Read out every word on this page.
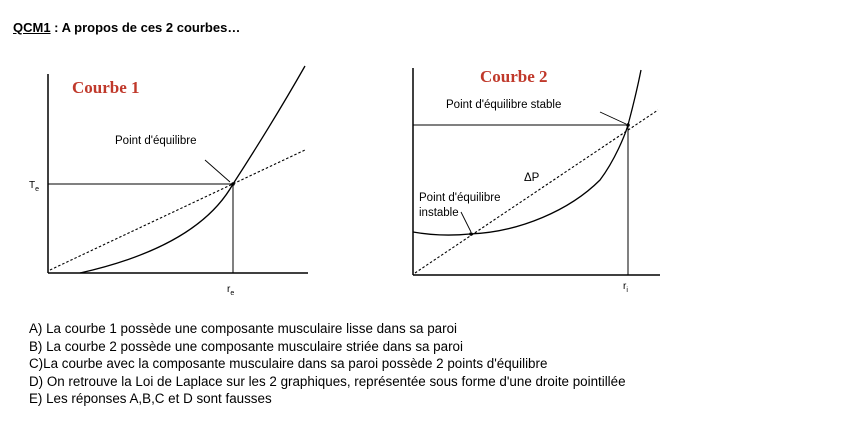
QCM1 : A propos de ces 2 courbes…
Courbe 1
Point d'équilibre
$T_e$
$r_e$
Courbe 2
Point d'équilibre stable
ΔP
Point d'équilibre
instable
$r_i$
A) La courbe 1 possède une composante musculaire lisse dans sa paroi
B) La courbe 2 possède une composante musculaire striée dans sa paroi
C)La courbe avec la composante musculaire dans sa paroi possède 2 points d'équilibre
D) On retrouve la Loi de Laplace sur les 2 graphiques, représentée sous forme d'une droite pointillée
E) Les réponses A,B,C et D sont fausses
